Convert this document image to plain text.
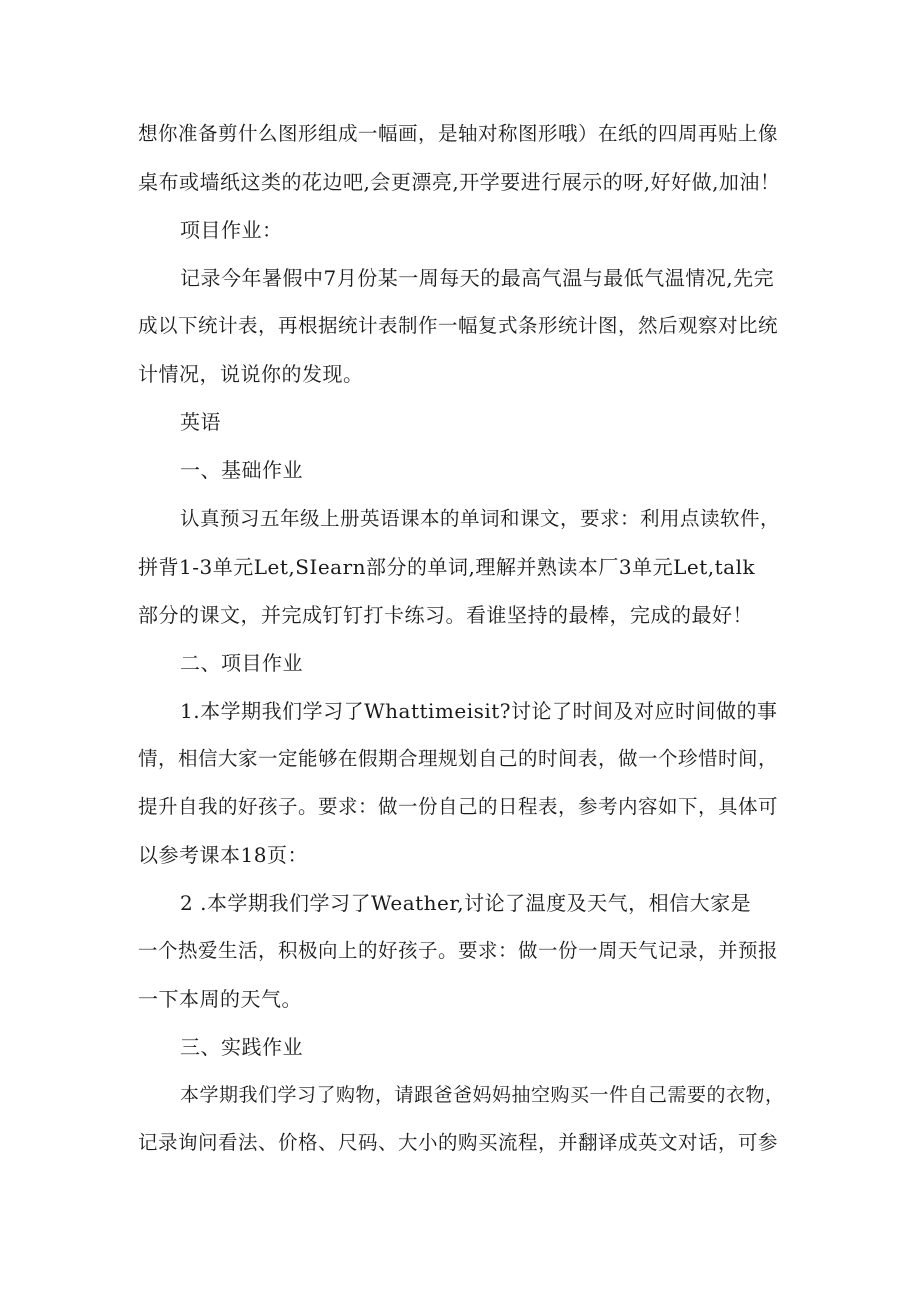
想你准备剪什么图形组成一幅画，是轴对称图形哦）在纸的四周再贴上像
桌布或墙纸这类的花边吧,会更漂亮,开学要进行展示的呀,好好做,加油！
项目作业：
记录今年暑假中7月份某一周每天的最高气温与最低气温情况,先完
成以下统计表，再根据统计表制作一幅复式条形统计图，然后观察对比统
计情况，说说你的发现。
英语
一、基础作业
认真预习五年级上册英语课本的单词和课文，要求：利用点读软件，
拼背1-3单元Let,SIearn部分的单词,理解并熟读本厂3单元Let,talk
部分的课文，并完成钉钉打卡练习。看谁坚持的最棒，完成的最好！
二、项目作业
1.本学期我们学习了Whattimeisit?讨论了时间及对应时间做的事
情，相信大家一定能够在假期合理规划自己的时间表，做一个珍惜时间，
提升自我的好孩子。要求：做一份自己的日程表，参考内容如下，具体可
以参考课本18页：
2 .本学期我们学习了Weather,讨论了温度及天气，相信大家是
一个热爱生活，积极向上的好孩子。要求：做一份一周天气记录，并预报
一下本周的天气。
三、实践作业
本学期我们学习了购物，请跟爸爸妈妈抽空购买一件自己需要的衣物，
记录询问看法、价格、尺码、大小的购买流程，并翻译成英文对话，可参
